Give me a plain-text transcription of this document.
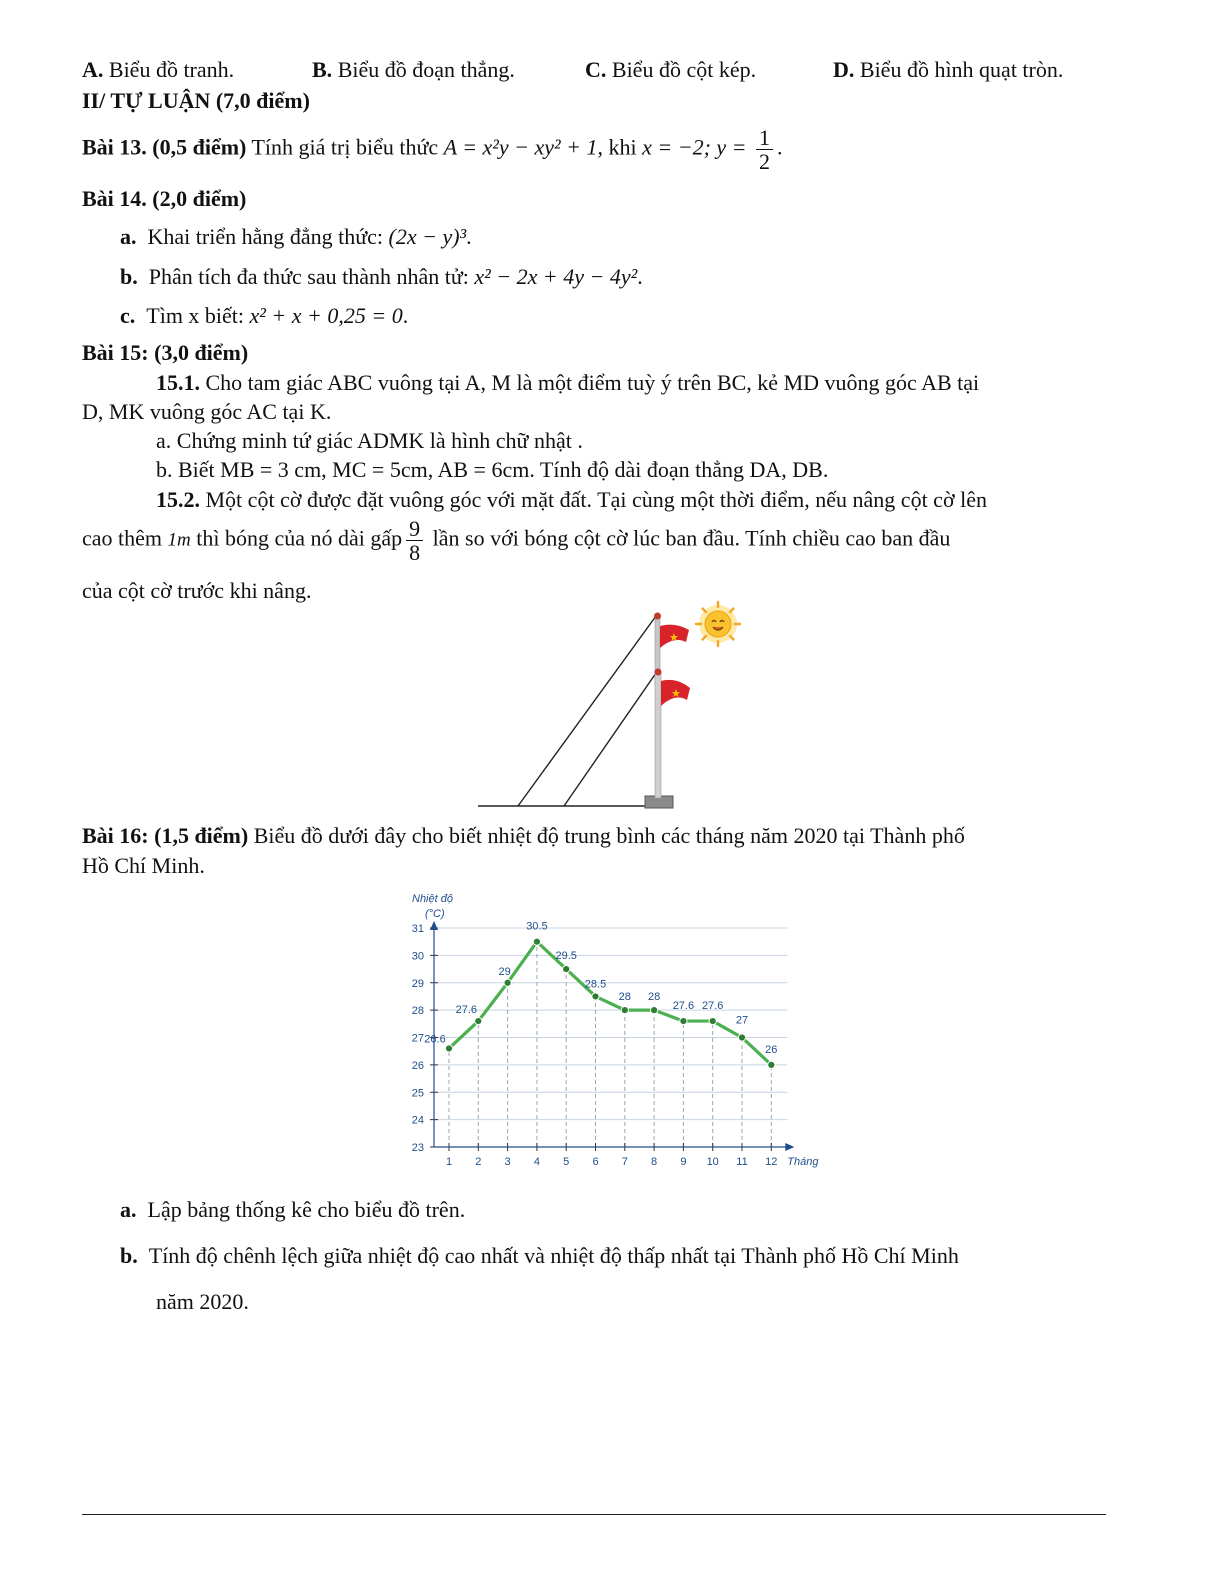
A. Biểu đồ tranh.	B. Biểu đồ đoạn thẳng.	C. Biểu đồ cột kép.	D. Biểu đồ hình quạt tròn.
II/ TỰ LUẬN (7,0 điểm)
Bài 13. (0,5 điểm) Tính giá trị biểu thức A = x²y − xy² + 1, khi x = −2; $y = \frac{1}{2}$ .
Bài 14. (2,0 điểm)
a. Khai triển hằng đẳng thức: (2x − y)³.
b. Phân tích đa thức sau thành nhân tử: x² − 2x + 4y − 4y².
c. Tìm x biết: x² + x + 0,25 = 0.
Bài 15: (3,0 điểm)
15.1. Cho tam giác ABC vuông tại A, M là một điểm tuỳ ý trên BC, kẻ MD vuông góc AB tại
D, MK vuông góc AC tại K.
a. Chứng minh tứ giác ADMK là hình chữ nhật .
b. Biết MB = 3 cm, MC = 5cm, AB = 6cm. Tính độ dài đoạn thẳng DA, DB.
15.2. Một cột cờ được đặt vuông góc với mặt đất. Tại cùng một thời điểm, nếu nâng cột cờ lên
cao thêm 1m thì bóng của nó dài gấp $\frac{9}{8}$ lần so với bóng cột cờ lúc ban đầu. Tính chiều cao ban đầu
của cột cờ trước khi nâng.
★
★
Bài 16: (1,5 điểm) Biểu đồ dưới đây cho biết nhiệt độ trung bình các tháng năm 2020 tại Thành phố
Hồ Chí Minh.
23
24
25
26
27
28
29
30
31
1 2 3 4 5 6 7 8 9 10 11 12
Nhiệt độ
(°C)
Tháng
26.6
27.6
29
30.5
29.5
28.5
28 28
27.6 27.6
27
26
a. Lập bảng thống kê cho biểu đồ trên.
b. Tính độ chênh lệch giữa nhiệt độ cao nhất và nhiệt độ thấp nhất tại Thành phố Hồ Chí Minh
năm 2020.
